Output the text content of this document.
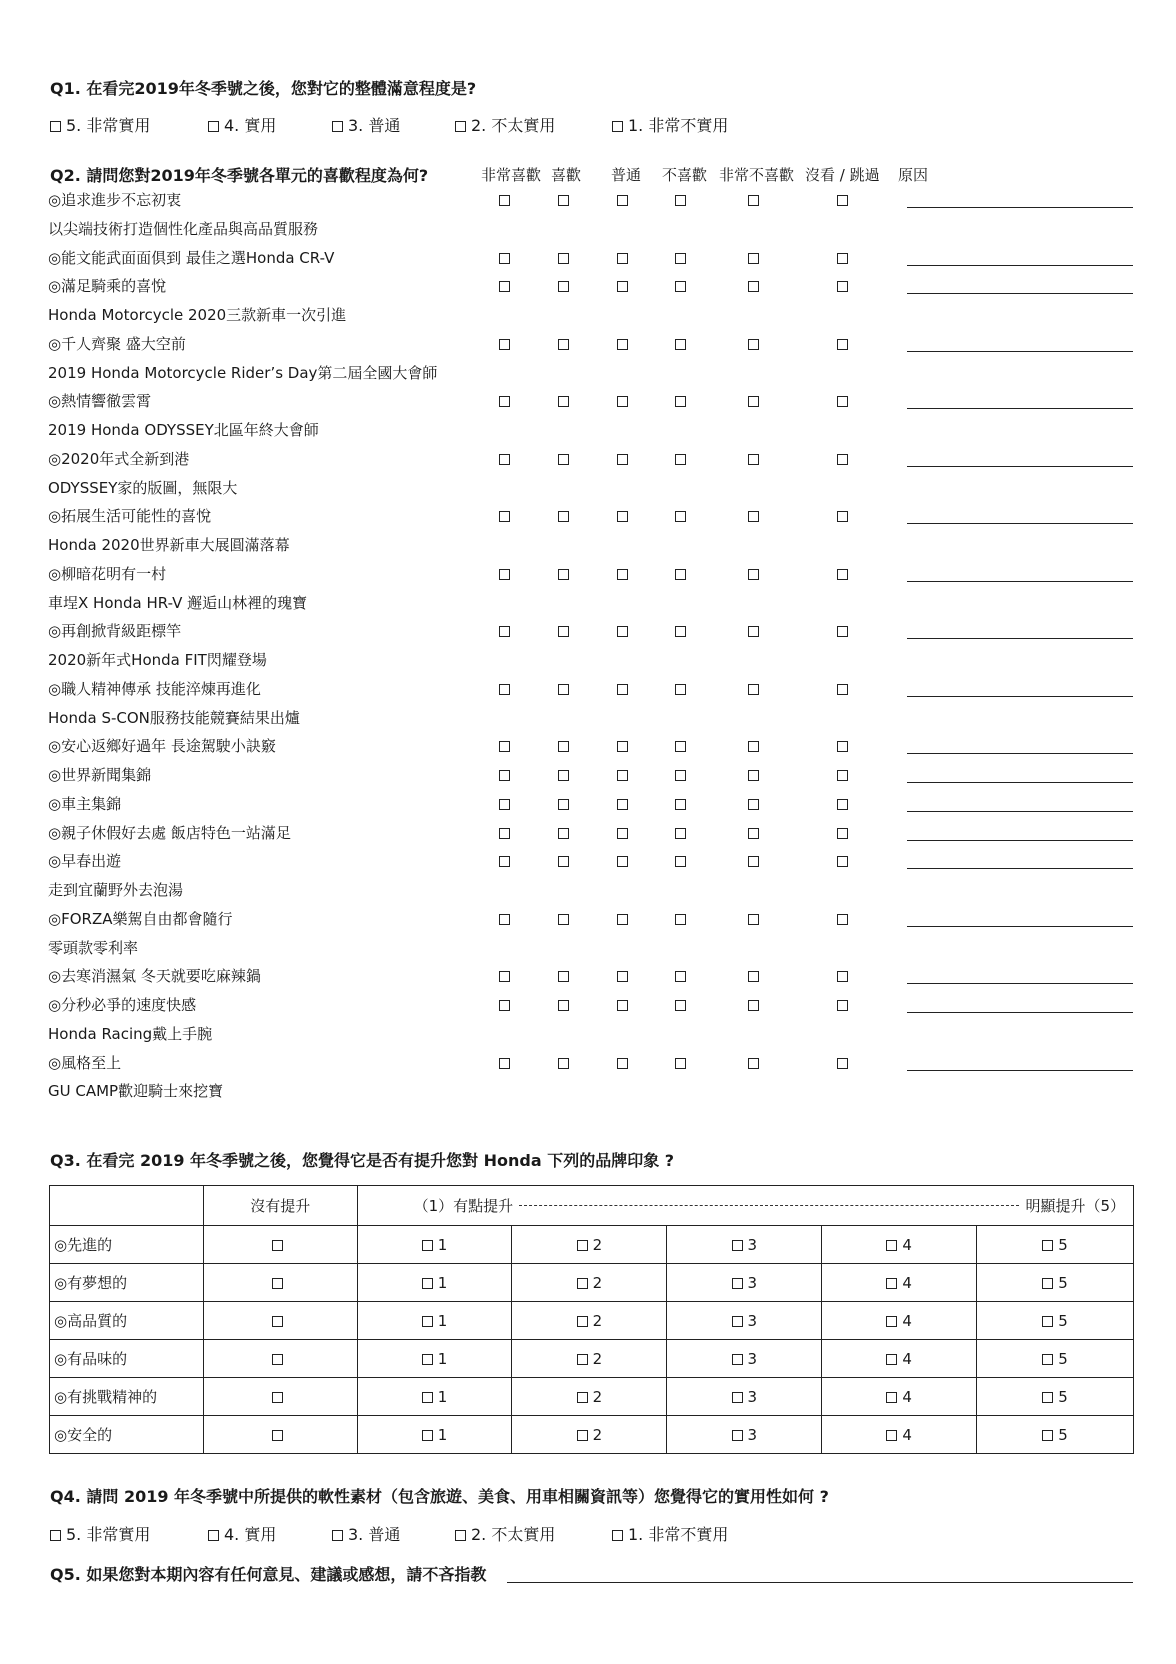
Q1. 在看完2019年冬季號之後，您對它的整體滿意程度是?
5. 非常實用	4. 實用	3. 普通	2. 不太實用	1. 非常不實用
Q2. 請問您對2019年冬季號各單元的喜歡程度為何?	非常喜歡 喜歡 普通 不喜歡 非常不喜歡 沒看 / 跳過 原因
◎追求進步不忘初衷
以尖端技術打造個性化產品與高品質服務
◎能文能武面面俱到 最佳之選Honda CR-V
◎滿足騎乘的喜悅
Honda Motorcycle 2020三款新車一次引進
◎千人齊聚 盛大空前
2019 Honda Motorcycle Rider’s Day第二屆全國大會師
◎熱情響徹雲霄
2019 Honda ODYSSEY北區年終大會師
◎2020年式全新到港
ODYSSEY家的版圖，無限大
◎拓展生活可能性的喜悅
Honda 2020世界新車大展圓滿落幕
◎柳暗花明有一村
車埕X Honda HR-V 邂逅山林裡的瑰寶
◎再創掀背級距標竿
2020新年式Honda FIT閃耀登場
◎職人精神傳承 技能淬煉再進化
Honda S-CON服務技能競賽結果出爐
◎安心返鄉好過年 長途駕駛小訣竅
◎世界新聞集錦
◎車主集錦
◎親子休假好去處 飯店特色一站滿足
◎早春出遊
走到宜蘭野外去泡湯
◎FORZA樂駕自由都會隨行
零頭款零利率
◎去寒消濕氣 冬天就要吃麻辣鍋
◎分秒必爭的速度快感
Honda Racing戴上手腕
◎風格至上
GU CAMP歡迎騎士來挖寶
Q3. 在看完 2019 年冬季號之後，您覺得它是否有提升您對 Honda 下列的品牌印象 ?
	沒有提升	（1）有點提升 明顯提升（5）				

◎先進的		1	2	3	4	5
◎有夢想的		1	2	3	4	5
◎高品質的		1	2	3	4	5
◎有品味的		1	2	3	4	5
◎有挑戰精神的		1	2	3	4	5
◎安全的		1	2	3	4	5
Q4. 請問 2019 年冬季號中所提供的軟性素材（包含旅遊、美食、用車相關資訊等）您覺得它的實用性如何 ?
5. 非常實用	4. 實用	3. 普通	2. 不太實用	1. 非常不實用
Q5. 如果您對本期內容有任何意見、建議或感想，請不吝指教
